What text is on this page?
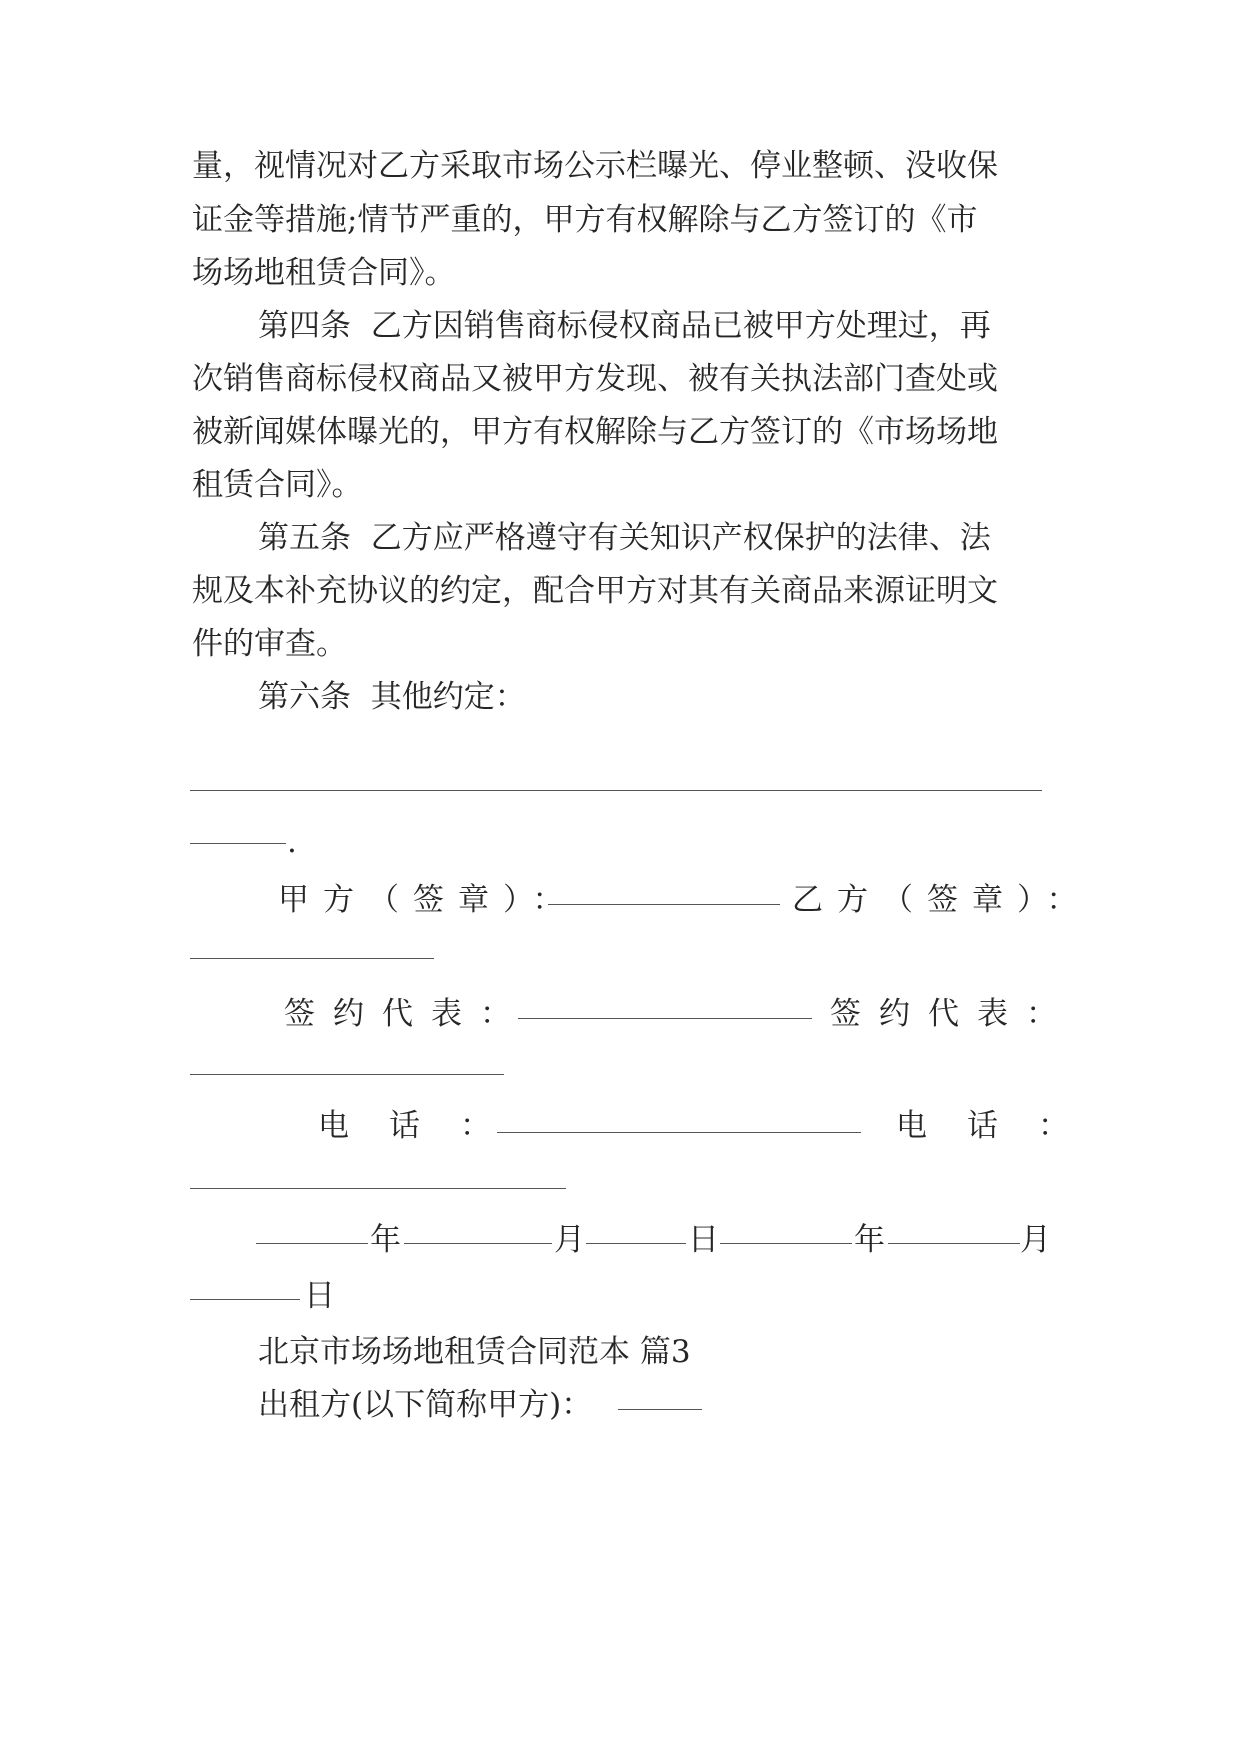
量，视情况对乙方采取市场公示栏曝光、停业整顿、没收保
证金等措施;情节严重的，甲方有权解除与乙方签订的《市
场场地租赁合同》。
第四条  乙方因销售商标侵权商品已被甲方处理过，再
次销售商标侵权商品又被甲方发现、被有关执法部门查处或
被新闻媒体曝光的，甲方有权解除与乙方签订的《市场场地
租赁合同》。
第五条  乙方应严格遵守有关知识产权保护的法律、法
规及本补充协议的约定，配合甲方对其有关商品来源证明文
件的审查。
第六条  其他约定：
.
甲方（签章）：	乙方（签章）：
签约代表：	签约代表：
电话：	电话：
年	月	日	年	月
日
北京市场场地租赁合同范本 篇3
出租方(以下简称甲方)：
